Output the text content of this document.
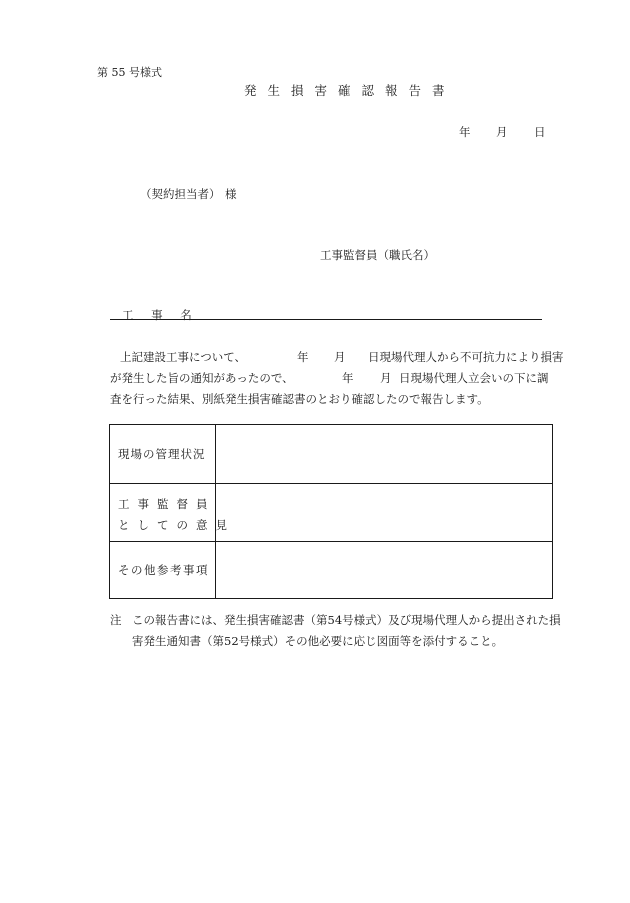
第 55 号様式
発生損害確認報告書
年 月 日
（契約担当者） 様
工事監督員（職氏名）
工 事 名
上記建設工事について、	年 月 日現場代理人から不可抗力により損害
が発生した旨の通知があったので、	年 月 日現場代理人立会いの下に調
査を行った結果、別紙発生損害確認書のとおり確認したので報告します。
現場の管理状況
工事監督員
としての意見
その他参考事項
注 この報告書には、発生損害確認書（第54号様式）及び現場代理人から提出された損
害発生通知書（第52号様式）その他必要に応じ図面等を添付すること。
